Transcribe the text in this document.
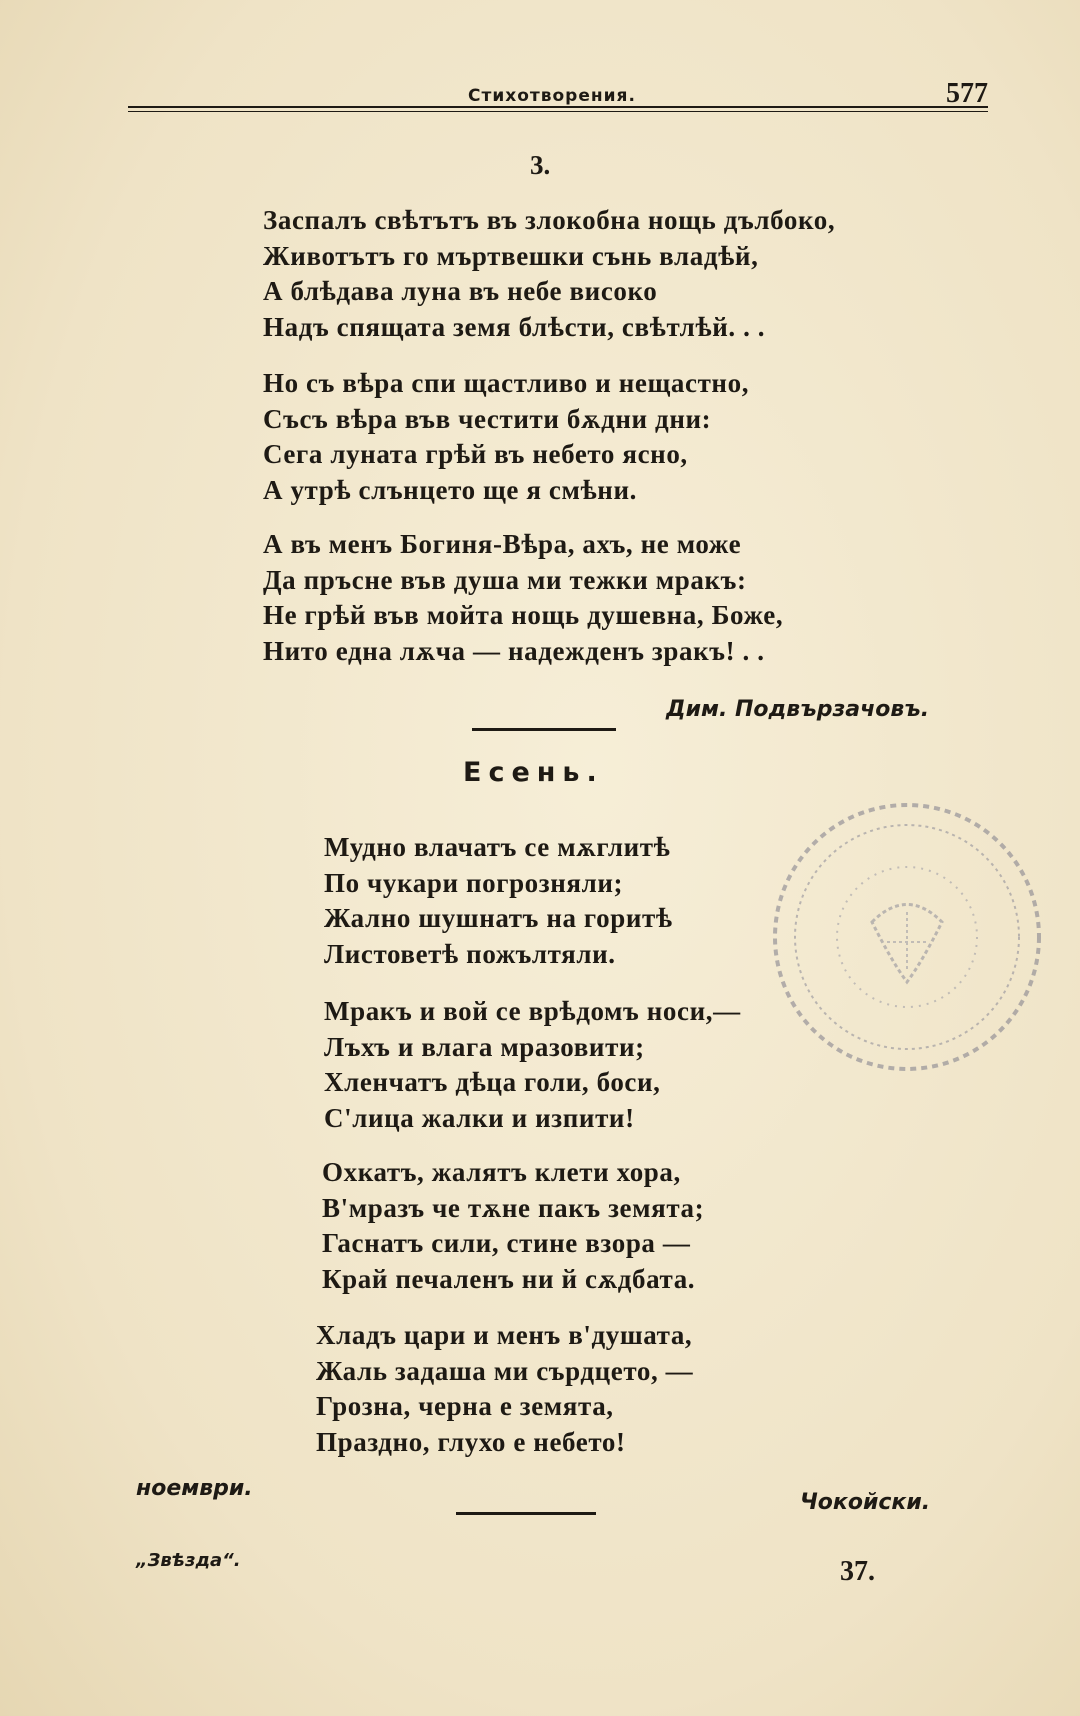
Стихотворения.	577
3.
Заспалъ свѣтътъ въ злокобна нощь дълбоко,
Животътъ го мъртвешки сънь владѣй,
А блѣдава луна въ небе високо
Надъ спящата земя блѣсти, свѣтлѣй. . .
Но съ вѣра спи щастливо и нещастно,
Съсъ вѣра във честити бѫдни дни:
Сега луната грѣй въ небето ясно,
А утрѣ слънцето ще я смѣни.
А въ менъ Богиня-Вѣра, ахъ, не може
Да пръсне във душа ми тежки мракъ:
Не грѣй във мойта нощь душевна, Боже,
Нито една лѫча — надежденъ зракъ! . .
Дим. Подвързачовъ.
Есень.
Мудно влачатъ се мѫглитѣ
По чукари погрозняли;
Жално шушнатъ на горитѣ
Листоветѣ пожълтяли.
Мракъ и вой се врѣдомъ носи,—
Лъхъ и влага мразовити;
Хленчатъ дѣца голи, боси,
С'лица жалки и изпити!
Охкатъ, жалятъ клети хора,
В'мразъ че тѫне пакъ земята;
Гаснатъ сили, стине взора —
Край печаленъ ни й сѫдбата.
Хладъ цари и менъ в'душата,
Жаль задаша ми сърдцето, —
Грозна, черна е земята,
Праздно, глухо е небето!
ноември.
Чокойски.
„Звѣзда“.	37.
